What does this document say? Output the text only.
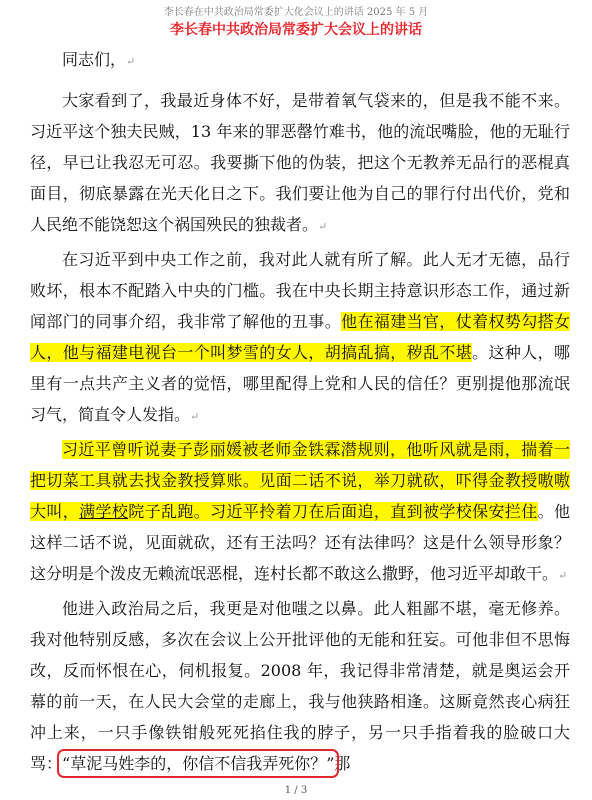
李长春在中共政治局常委扩大化会议上的讲话 2025 年 5 月
李长春中共政治局常委扩大会议上的讲话

同志们，↵

大家看到了，我最近身体不好，是带着氧气袋来的，但是我不能不来。习近平这个独夫民贼，13 年来的罪恶罄竹难书，他的流氓嘴脸，他的无耻行径，早已让我忍无可忍。我要撕下他的伪装，把这个无教养无品行的恶棍真面目，彻底暴露在光天化日之下。我们要让他为自己的罪行付出代价，党和人民绝不能饶恕这个祸国殃民的独裁者。↵

在习近平到中央工作之前，我对此人就有所了解。此人无才无德，品行败坏，根本不配踏入中央的门槛。我在中央长期主持意识形态工作，通过新闻部门的同事介绍，我非常了解他的丑事。他在福建当官，仗着权势勾搭女人，他与福建电视台一个叫梦雪的女人，胡搞乱搞，秽乱不堪。这种人，哪里有一点共产主义者的觉悟，哪里配得上党和人民的信任？更别提他那流氓习气，简直令人发指。↵

习近平曾听说妻子彭丽媛被老师金铁霖潜规则，他听风就是雨，揣着一把切菜工具就去找金教授算账。见面二话不说，举刀就砍，吓得金教授嗷嗷大叫，满学校院子乱跑。习近平拎着刀在后面追，直到被学校保安拦住。他这样二话不说，见面就砍，还有王法吗？还有法律吗？这是什么领导形象？这分明是个泼皮无赖流氓恶棍，连村长都不敢这么撒野，他习近平却敢干。↵

他进入政治局之后，我更是对他嗤之以鼻。此人粗鄙不堪，毫无修养。我对他特别反感，多次在会议上公开批评他的无能和狂妄。可他非但不思悔改，反而怀恨在心，伺机报复。2008 年，我记得非常清楚，就是奥运会开幕的前一天，在人民大会堂的走廊上，我与他狭路相逢。这厮竟然丧心病狂冲上来，一只手像铁钳般死死掐住我的脖子，另一只手指着我的脸破口大骂：“草泥马姓李的，你信不信我弄死你？”那

1 / 3
